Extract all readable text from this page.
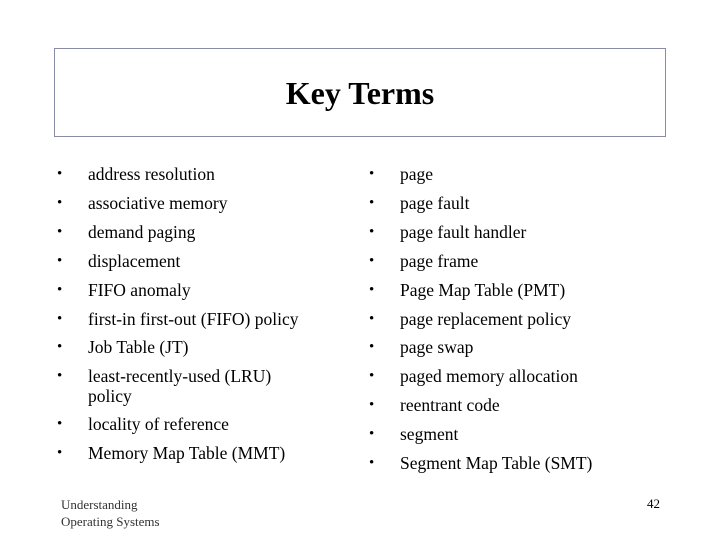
Key Terms
• address resolution
• associative memory
• demand paging
• displacement
• FIFO anomaly
• first-in first-out (FIFO) policy
• Job Table (JT)
• least-recently-used (LRU)
policy
• locality of reference
• Memory Map Table (MMT)
• page
• page fault
• page fault handler
• page frame
• Page Map Table (PMT)
• page replacement policy
• page swap
• paged memory allocation
• reentrant code
• segment
• Segment Map Table (SMT)
Understanding
Operating Systems
42
